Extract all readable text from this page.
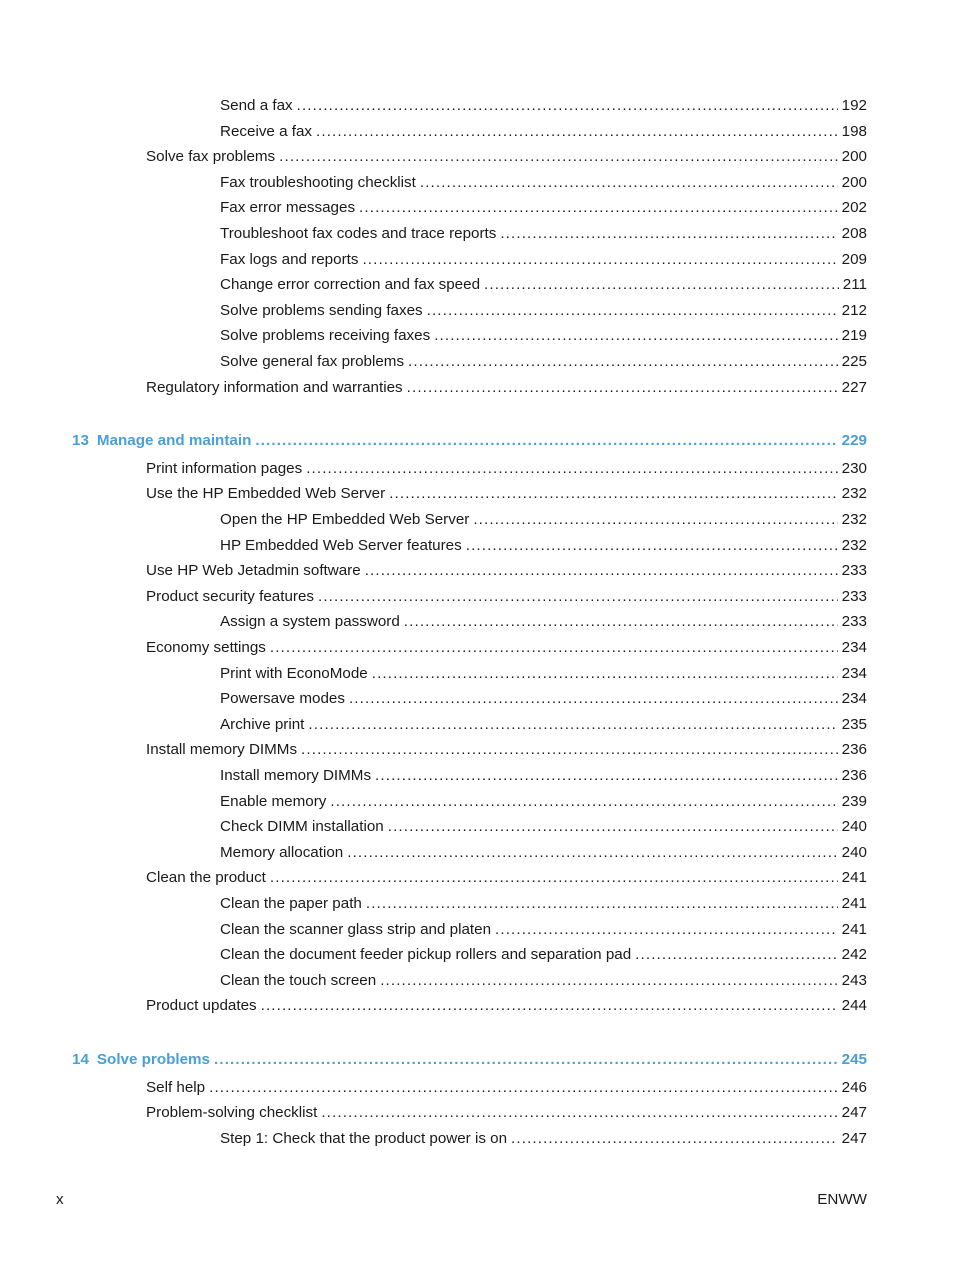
Send a fax . . .	192
Receive a fax . . .	198
Solve fax problems . . .	200
Fax troubleshooting checklist . . .	200
Fax error messages . . .	202
Troubleshoot fax codes and trace reports . . .	208
Fax logs and reports . . .	209
Change error correction and fax speed . . .	211
Solve problems sending faxes . . .	212
Solve problems receiving faxes . . .	219
Solve general fax problems . . .	225
Regulatory information and warranties . . .	227
13 Manage and maintain . . .	229
Print information pages . . .	230
Use the HP Embedded Web Server . . .	232
Open the HP Embedded Web Server . . .	232
HP Embedded Web Server features . . .	232
Use HP Web Jetadmin software . . .	233
Product security features . . .	233
Assign a system password . . .	233
Economy settings . . .	234
Print with EconoMode . . .	234
Powersave modes . . .	234
Archive print . . .	235
Install memory DIMMs . . .	236
Install memory DIMMs . . .	236
Enable memory . . .	239
Check DIMM installation . . .	240
Memory allocation . . .	240
Clean the product . . .	241
Clean the paper path . . .	241
Clean the scanner glass strip and platen . . .	241
Clean the document feeder pickup rollers and separation pad . . .	242
Clean the touch screen . . .	243
Product updates . . .	244
14 Solve problems . . .	245
Self help . . .	246
Problem-solving checklist . . .	247
Step 1: Check that the product power is on . . .	247
x	ENWW
